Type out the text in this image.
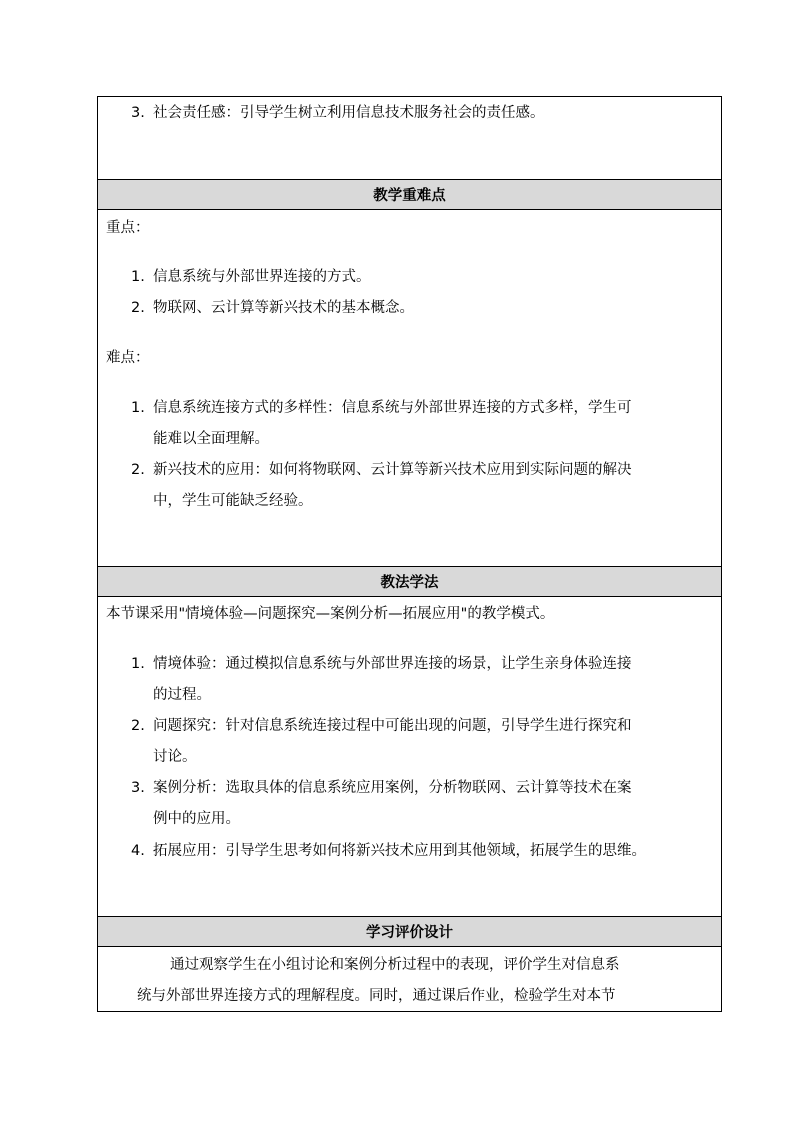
3. 社会责任感：引导学生树立利用信息技术服务社会的责任感。
教学重难点
重点：
1. 信息系统与外部世界连接的方式。
2. 物联网、云计算等新兴技术的基本概念。
难点：
1. 信息系统连接方式的多样性：信息系统与外部世界连接的方式多样，学生可
能难以全面理解。
2. 新兴技术的应用：如何将物联网、云计算等新兴技术应用到实际问题的解决
中，学生可能缺乏经验。
教法学法
本节课采用"情境体验—问题探究—案例分析—拓展应用"的教学模式。
1. 情境体验：通过模拟信息系统与外部世界连接的场景，让学生亲身体验连接
的过程。
2. 问题探究：针对信息系统连接过程中可能出现的问题，引导学生进行探究和
讨论。
3. 案例分析：选取具体的信息系统应用案例，分析物联网、云计算等技术在案
例中的应用。
4. 拓展应用：引导学生思考如何将新兴技术应用到其他领域，拓展学生的思维。
学习评价设计
通过观察学生在小组讨论和案例分析过程中的表现，评价学生对信息系
统与外部世界连接方式的理解程度。同时，通过课后作业，检验学生对本节
